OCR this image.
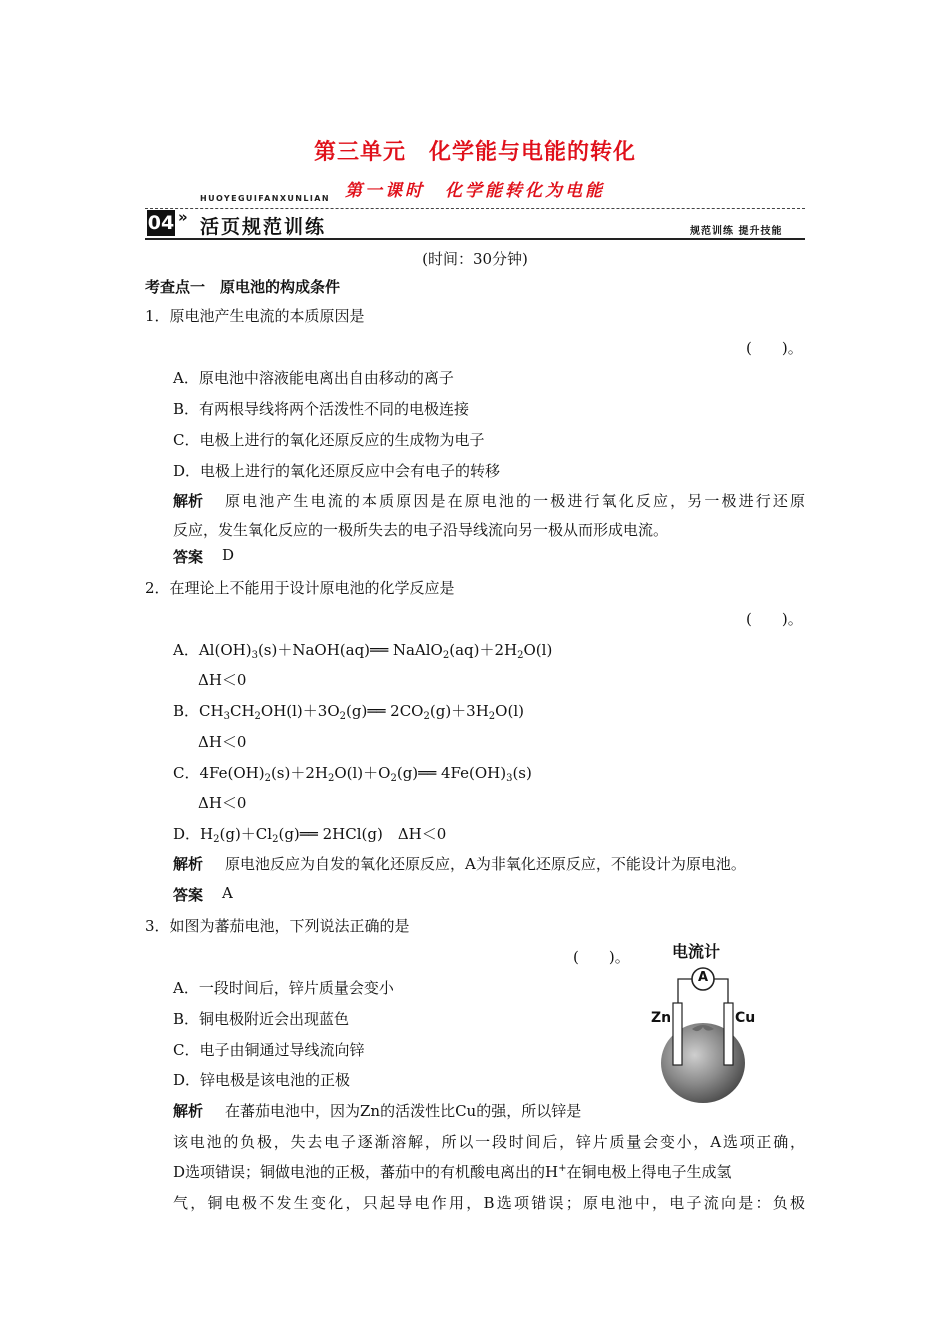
第三单元　化学能与电能的转化
第一课时　化学能转化为电能
HUOYEGUIFANXUNLIAN
04 » 活页规范训练	规范训练 提升技能
(时间：30分钟)
考查点一　原电池的构成条件
1．原电池产生电流的本质原因是
(　　)。
A．原电池中溶液能电离出自由移动的离子
B．有两根导线将两个活泼性不同的电极连接
C．电极上进行的氧化还原反应的生成物为电子
D．电极上进行的氧化还原反应中会有电子的转移
解析 原电池产生电流的本质原因是在原电池的一极进行氧化反应，另一极进行还原
反应，发生氧化反应的一极所失去的电子沿导线流向另一极从而形成电流。
答案 D
2．在理论上不能用于设计原电池的化学反应是
(　　)。
A．$Al(OH)_3(s)+NaOH(aq)══$ $NaAlO_2(aq)+2H_2O(l)$
ΔH＜0
B．$CH_3CH_2OH(l)+3O_2(g)══$ $2CO_2(g)+3H_2O(l)$
ΔH＜0
C．$4Fe(OH)_2(s)+2H_2O(l)+O_2(g)══$ $4Fe(OH)_3(s)$
ΔH＜0
D．$H_2(g)+Cl_2(g)══$ 2HCl(g)　ΔH＜0
解析 原电池反应为自发的氧化还原反应，A为非氧化还原反应，不能设计为原电池。
答案 A
3．如图为蕃茄电池，下列说法正确的是
(　　)。
A．一段时间后，锌片质量会变小
B．铜电极附近会出现蓝色
C．电子由铜通过导线流向锌
D．锌电极是该电池的正极
解析 在蕃茄电池中，因为Zn的活泼性比Cu的强，所以锌是
该电池的负极，失去电子逐渐溶解，所以一段时间后，锌片质量会变小，A选项正确，
D选项错误；铜做电池的正极，蕃茄中的有机酸电离出的H+在铜电极上得电子生成氢
气，铜电极不发生变化，只起导电作用，B选项错误；原电池中，电子流向是：负极
电流计
A
Zn	Cu
